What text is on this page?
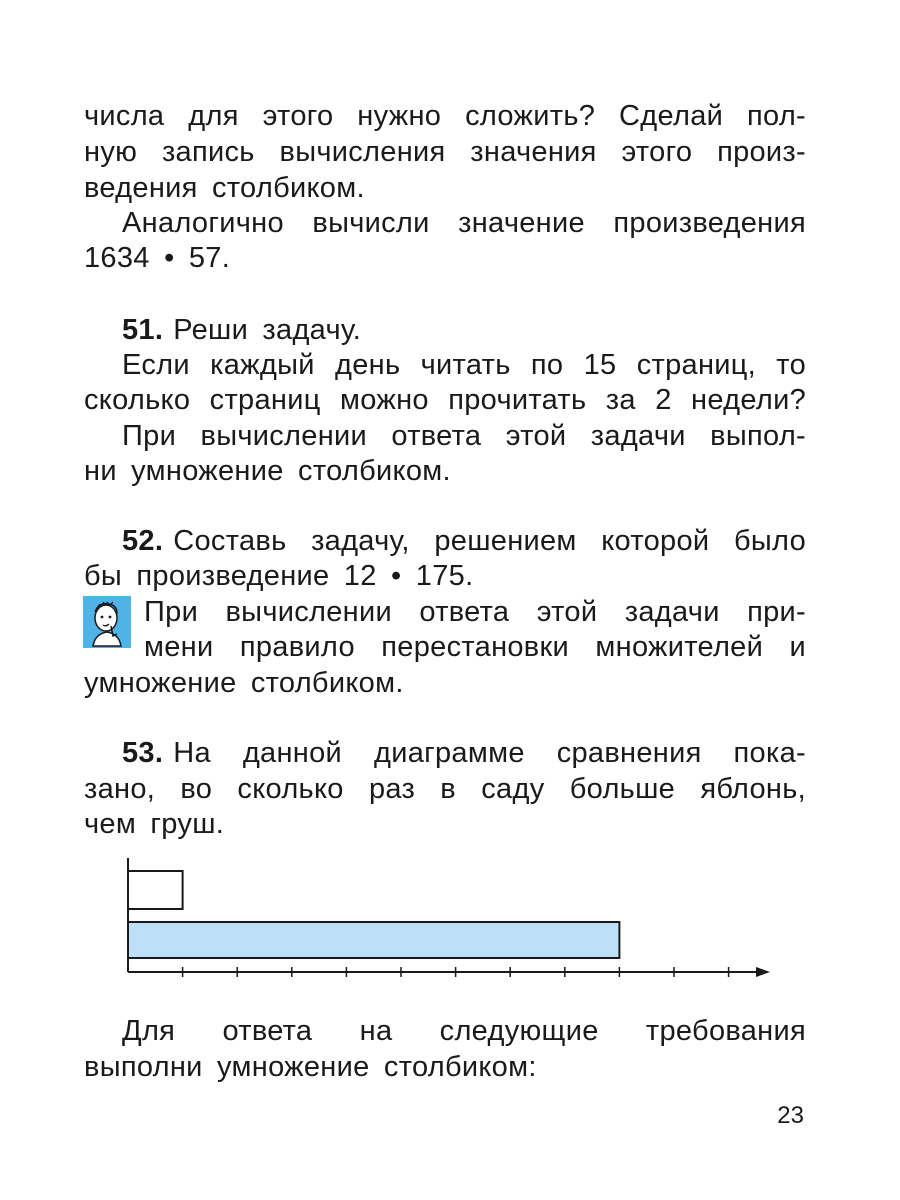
числа для этого нужно сложить? Сделай пол-
ную запись вычисления значения этого произ-
ведения столбиком.
Аналогично вычисли значение произведения
1634 • 57.
51. Реши задачу.
Если каждый день читать по 15 страниц, то
сколько страниц можно прочитать за 2 недели?
При вычислении ответа этой задачи выпол-
ни умножение столбиком.
52. Составь задачу, решением которой было
бы произведение 12 • 175.
При вычислении ответа этой задачи при-
мени правило перестановки множителей и
умножение столбиком.
53. На данной диаграмме сравнения пока-
зано, во сколько раз в саду больше яблонь,
чем груш.
Для ответа на следующие требования
выполни умножение столбиком:
23
